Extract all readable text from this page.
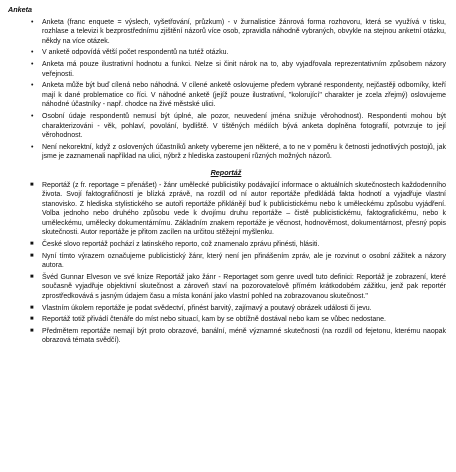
Anketa
• Anketa (franc enquete = výslech, vyšetřování, průzkum) - v žurnalistice žánrová forma rozhovoru, která se využívá v tisku, rozhlase a televizi k bezprostřednímu zjištění názorů více osob, zpravidla náhodně vybraných, obvykle na stejnou anketní otázku, někdy na více otázek.
• V anketě odpovídá větší počet respondentů na tutéž otázku.
• Anketa má pouze ilustrativní hodnotu a funkci. Nelze si činit nárok na to, aby vyjadřovala reprezentativním způsobem názory veřejnosti.
• Anketa může být buď cílená nebo náhodná. V cílené anketě oslovujeme předem vybrané respondenty, nejčastěji odborníky, kteří mají k dané problematice co říci. V náhodné anketě (jejíž pouze ilustrativní, "kolorující" charakter je zcela zřejmý) oslovujeme náhodné účastníky - např. chodce na živé městské ulici.
• Osobní údaje respondentů nemusí být úplné, ale pozor, neuvedení jména snižuje věrohodnost). Respondenti mohou být charakterizováni - věk, pohlaví, povolání, bydliště. V tištěných médiích bývá anketa doplněna fotografií, potvrzuje to její věrohodnost.
• Není nekorektní, když z oslovených účastníků ankety vybereme jen některé, a to ne v poměru k četnosti jednotlivých postojů, jak jsme je zaznamenali například na ulici, nýbrž z hlediska zastoupení různých možných názorů.
Reportáž
■ Reportáž (z fr. reportage = přenášet) - žánr umělecké publicistiky podávající informace o aktuálních skutečnostech každodenního života. Svojí faktografičností je blízká zprávě, na rozdíl od ní autor reportáže předkládá fakta hodnotí a vyjadřuje vlastní stanovisko. Z hlediska stylistického se autoři reportáže přiklánějí buď k publicistickému nebo k uměleckému způsobu vyjádření. Volba jednoho nebo druhého způsobu vede k dvojímu druhu reportáže – čistě publicistickému, faktografickému, nebo k uměleckému, umělecky dokumentárnímu. Základním znakem reportáže je věcnost, hodnověrnost, dokumentárnost, přesný popis skutečnosti. Autor reportáže je přitom zacílen na určitou stěžejní myšlenku.
■ České slovo reportáž pochází z latinského reporto, což znamenalo zprávu přinésti, hlásiti.
■ Nyní tímto výrazem označujeme publicistický žánr, který není jen přinášením zpráv, ale je rozvinut o osobní zážitek a názory autora.
■ Švéd Gunnar Elveson ve své knize Reportáž jako žánr - Reportaget som genre uvedl tuto definici: Reportáž je zobrazení, které současně vyjadřuje objektivní skutečnost a zároveň staví na pozorovatelově přímém krátkodobém zážitku, jenž pak reportér zprostředkovává s jasným údajem času a místa konání jako vlastní pohled na zobrazovanou skutečnost."
■ Vlastním úkolem reportáže je podat svědectví, přinést barvitý, zajímavý a poutavý obrázek události či jevu.
■ Reportáž totiž přivádí čtenáře do míst nebo situací, kam by se obtížně dostával nebo kam se vůbec nedostane.
■ Předmětem reportáže nemají být proto obrazové, banální, méně významné skutečnosti (na rozdíl od fejetonu, kterému naopak obrazová témata svědčí).
